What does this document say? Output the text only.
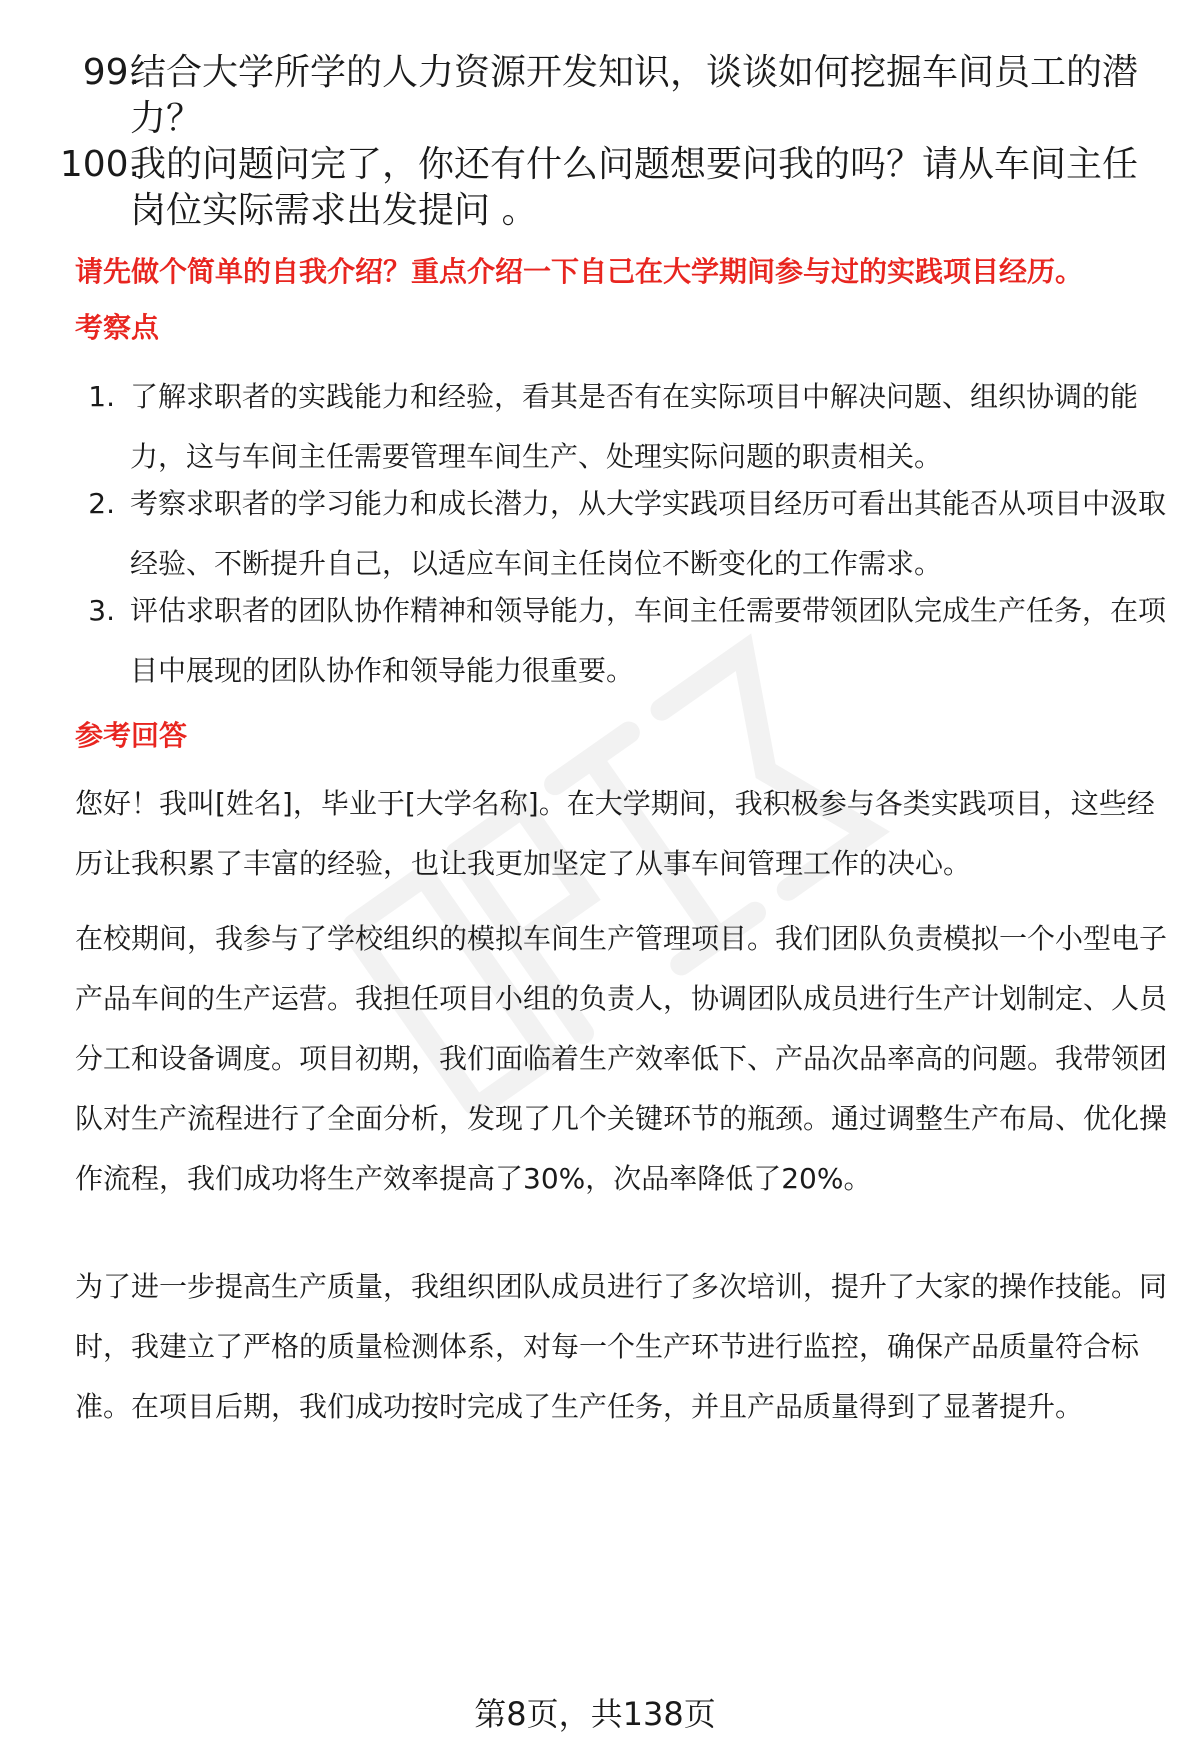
99.
结合大学所学的人力资源开发知识，谈谈如何挖掘车间员工的潜力？
100.
我的问题问完了，你还有什么问题想要问我的吗？请从车间主任岗位实际需求出发提问 。
请先做个简单的自我介绍？重点介绍一下自己在大学期间参与过的实践项目经历。
考察点
1. 了解求职者的实践能力和经验，看其是否有在实际项目中解决问题、组织协调的能力，这与车间主任需要管理车间生产、处理实际问题的职责相关。
2. 考察求职者的学习能力和成长潜力，从大学实践项目经历可看出其能否从项目中汲取经验、不断提升自己，以适应车间主任岗位不断变化的工作需求。
3. 评估求职者的团队协作精神和领导能力，车间主任需要带领团队完成生产任务，在项目中展现的团队协作和领导能力很重要。
参考回答
您好！我叫[姓名]，毕业于[大学名称]。在大学期间，我积极参与各类实践项目，这些经历让我积累了丰富的经验，也让我更加坚定了从事车间管理工作的决心。
在校期间，我参与了学校组织的模拟车间生产管理项目。我们团队负责模拟一个小型电子产品车间的生产运营。我担任项目小组的负责人，协调团队成员进行生产计划制定、人员分工和设备调度。项目初期，我们面临着生产效率低下、产品次品率高的问题。我带领团队对生产流程进行了全面分析，发现了几个关键环节的瓶颈。通过调整生产布局、优化操作流程，我们成功将生产效率提高了30%，次品率降低了20%。
为了进一步提高生产质量，我组织团队成员进行了多次培训，提升了大家的操作技能。同时，我建立了严格的质量检测体系，对每一个生产环节进行监控，确保产品质量符合标准。在项目后期，我们成功按时完成了生产任务，并且产品质量得到了显著提升。
第8页，共138页
